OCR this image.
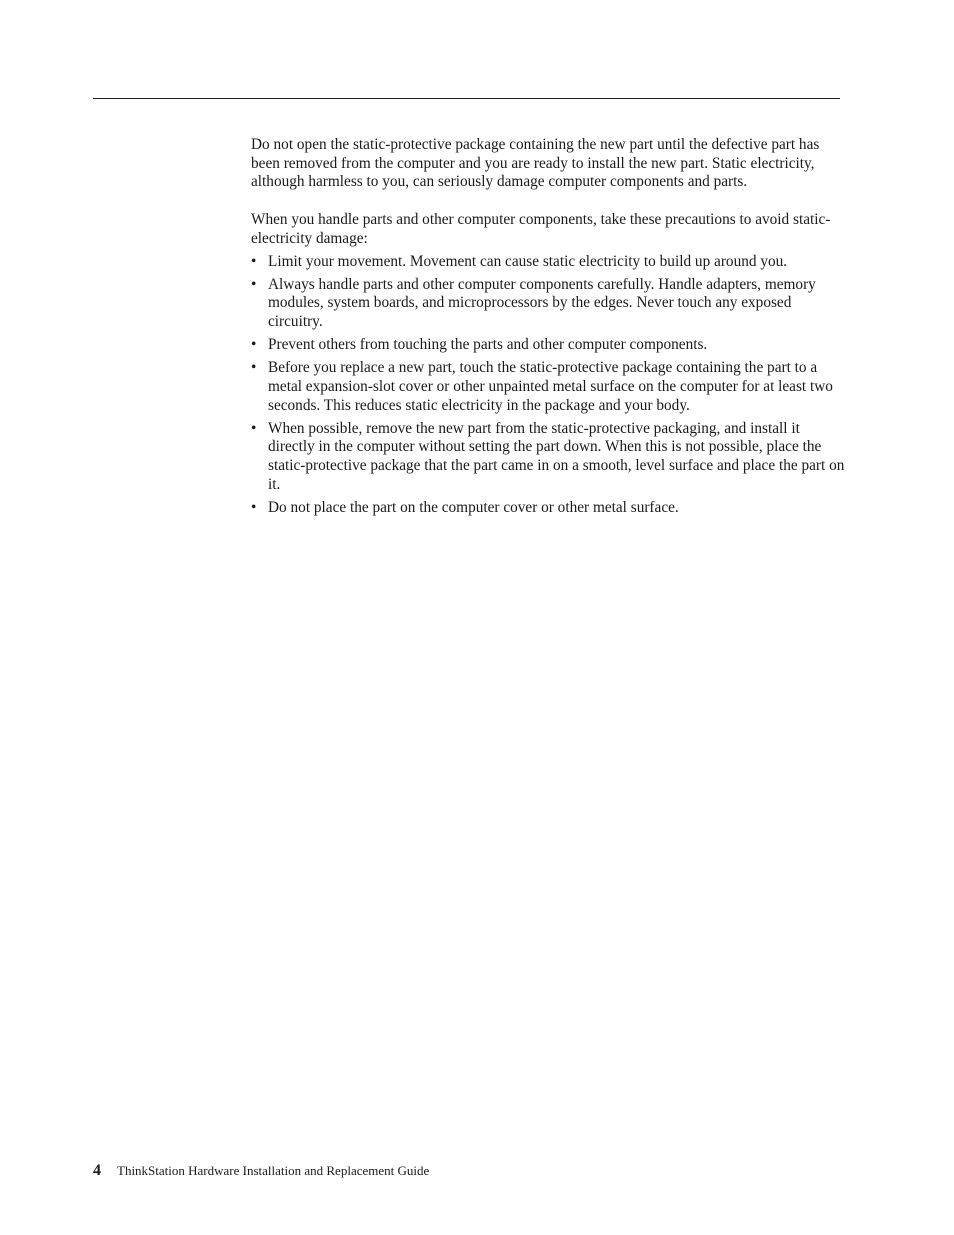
Do not open the static-protective package containing the new part until the defective part has been removed from the computer and you are ready to install the new part. Static electricity, although harmless to you, can seriously damage computer components and parts.

When you handle parts and other computer components, take these precautions to avoid static-electricity damage:

• Limit your movement. Movement can cause static electricity to build up around you.
• Always handle parts and other computer components carefully. Handle adapters, memory modules, system boards, and microprocessors by the edges. Never touch any exposed circuitry.
• Prevent others from touching the parts and other computer components.
• Before you replace a new part, touch the static-protective package containing the part to a metal expansion-slot cover or other unpainted metal surface on the computer for at least two seconds. This reduces static electricity in the package and your body.
• When possible, remove the new part from the static-protective packaging, and install it directly in the computer without setting the part down. When this is not possible, place the static-protective package that the part came in on a smooth, level surface and place the part on it.
• Do not place the part on the computer cover or other metal surface.
4 ThinkStation Hardware Installation and Replacement Guide
